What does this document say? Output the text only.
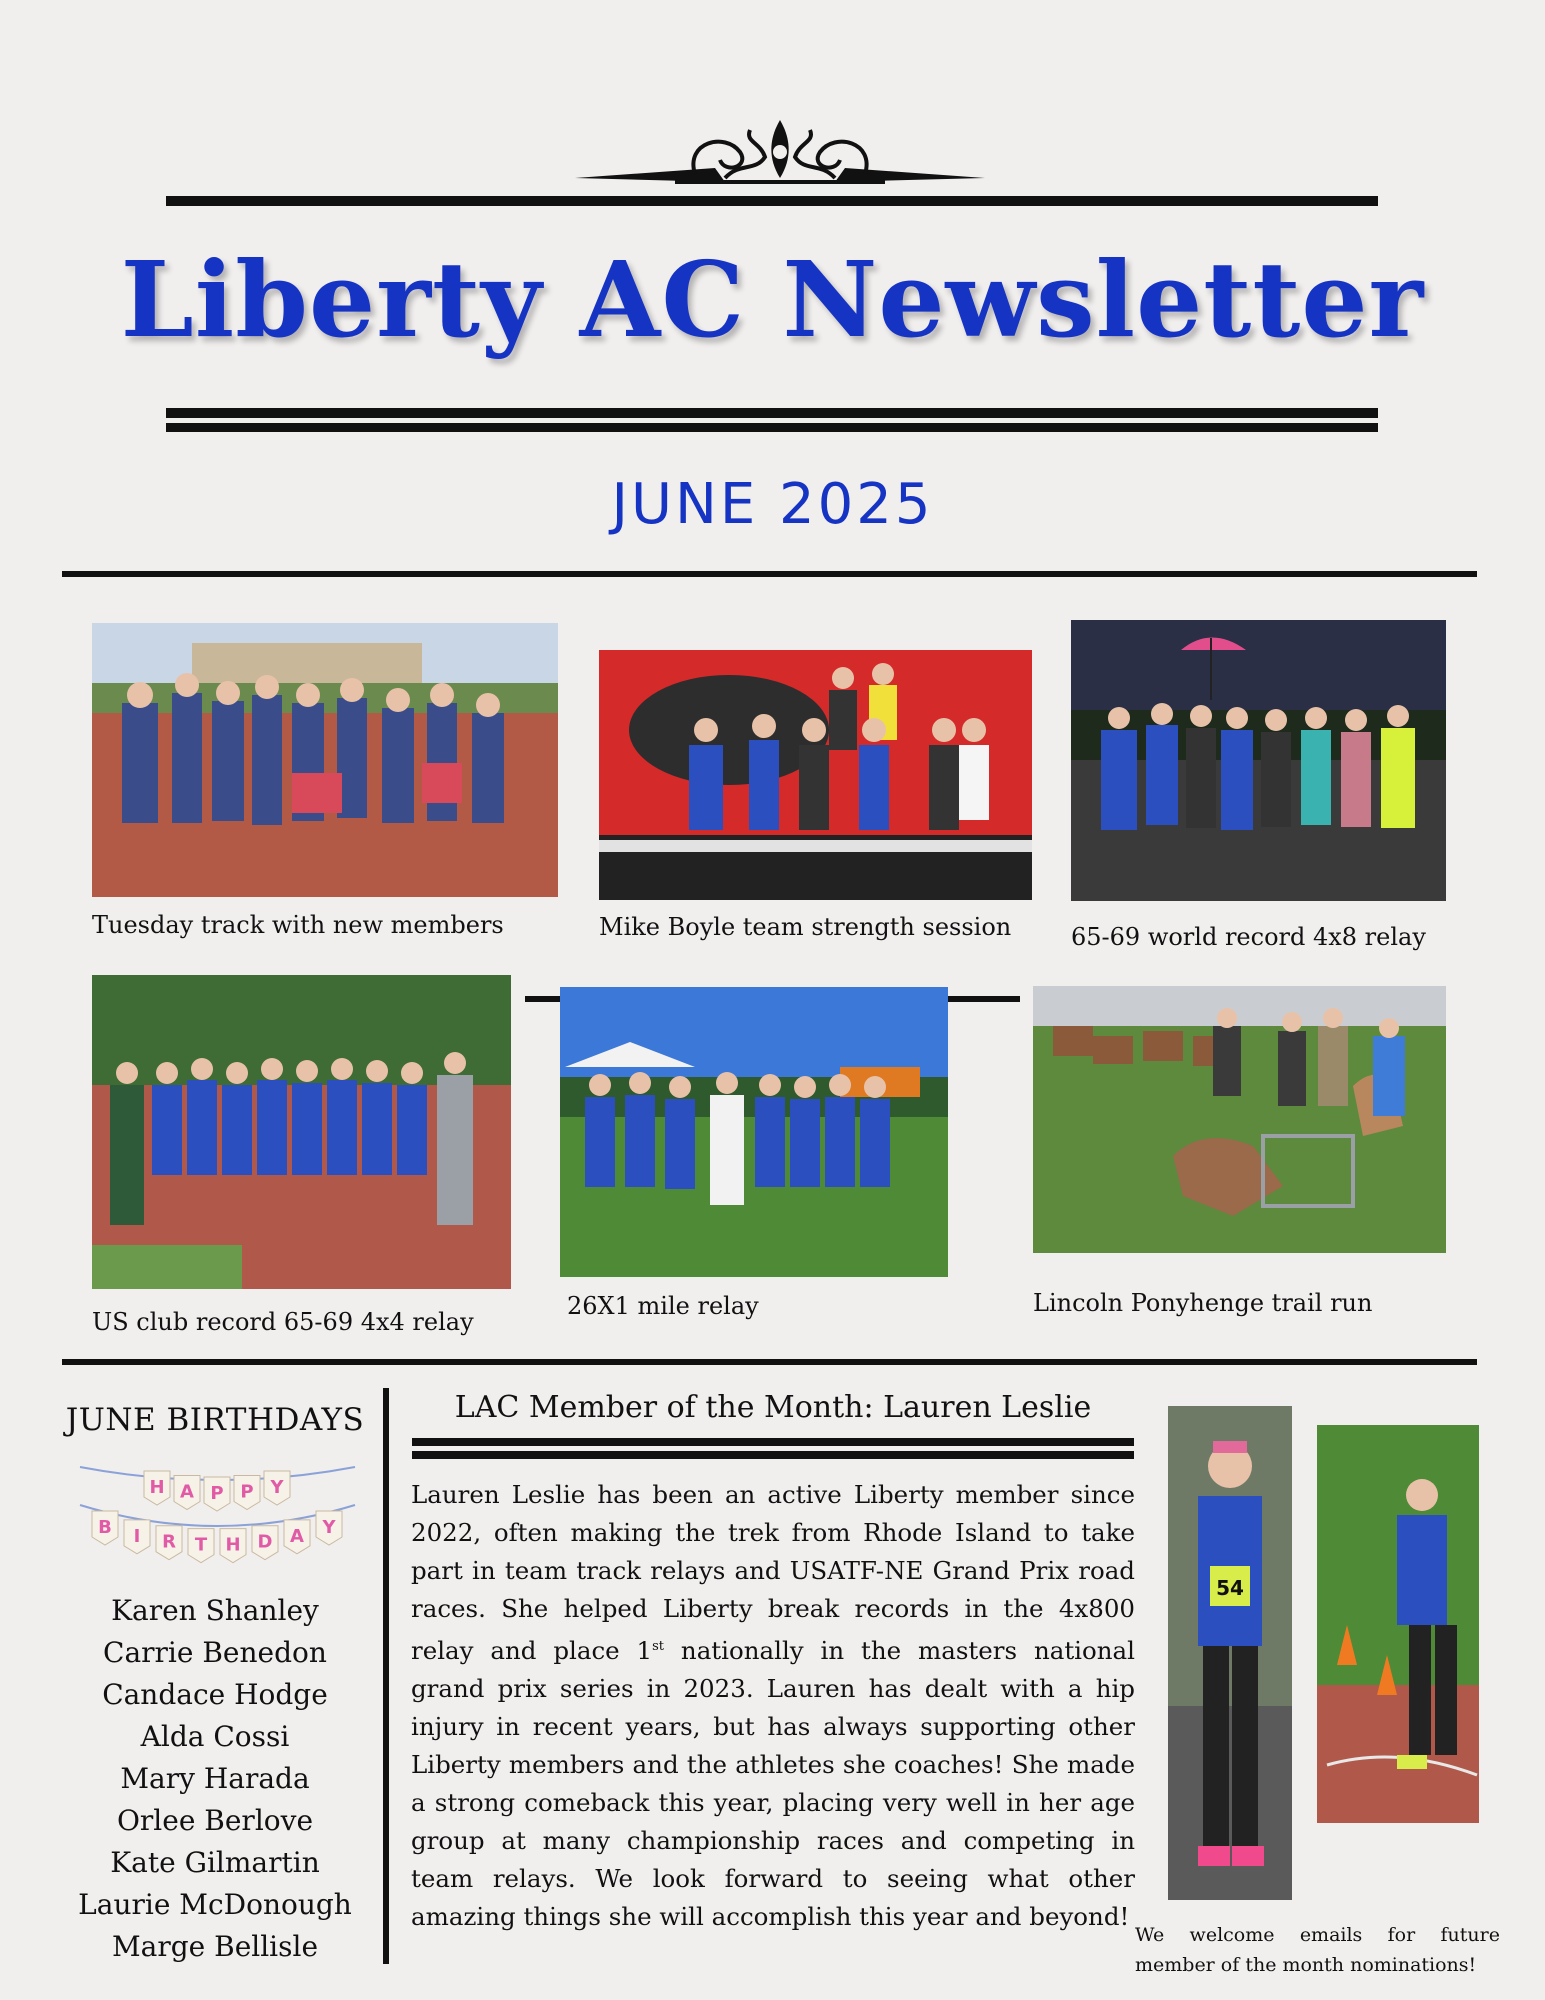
Liberty AC Newsletter
JUNE 2025
Tuesday track with new members	Mike Boyle team strength session 65-69 world record 4x8 relay
US club record 65-69 4x4 relay
26X1 mile relay	Lincoln Ponyhenge trail run
JUNE BIRTHDAYS
H A P P Y
B I R T H D A Y
Karen Shanley
Carrie Benedon
Candace Hodge
Alda Cossi
Mary Harada
Orlee Berlove
Kate Gilmartin
Laurie McDonough
Marge Bellisle
LAC Member of the Month: Lauren Leslie

Lauren Leslie has been an active Liberty member since 2022, often making the trek from Rhode Island to take part in team track relays and USATF-NE Grand Prix road races. She helped Liberty break records in the 4x800 relay and place 1st nationally in the masters national grand prix series in 2023. Lauren has dealt with a hip injury in recent years, but has always supporting other Liberty members and the athletes she coaches! She made a strong comeback this year, placing very well in her age group at many championship races and competing in team relays. We look forward to seeing what other amazing things she will accomplish this year and beyond!

54

We welcome emails for future member of the month nominations!
